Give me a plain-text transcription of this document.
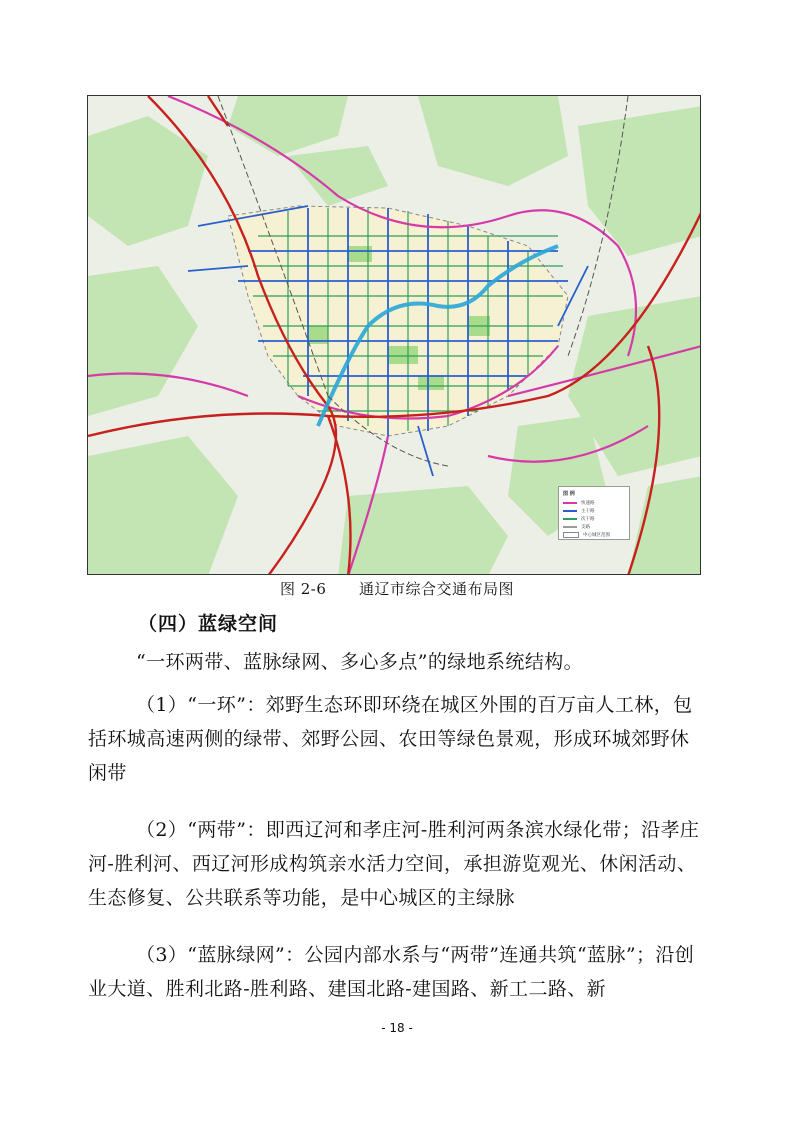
图 例
快速路
主干路
次干路
支路
中心城区范围
图 2-6 通辽市综合交通布局图
（四）蓝绿空间
“一环两带、蓝脉绿网、多心多点”的绿地系统结构。
（1）“一环”：郊野生态环即环绕在城区外围的百万亩人工林，包括环城高速两侧的绿带、郊野公园、农田等绿色景观，形成环城郊野休闲带
（2）“两带”：即西辽河和孝庄河-胜利河两条滨水绿化带；沿孝庄河-胜利河、西辽河形成构筑亲水活力空间，承担游览观光、休闲活动、生态修复、公共联系等功能，是中心城区的主绿脉
（3）“蓝脉绿网”：公园内部水系与“两带”连通共筑“蓝脉”；沿创业大道、胜利北路-胜利路、建国北路-建国路、新工二路、新
- 18 -
